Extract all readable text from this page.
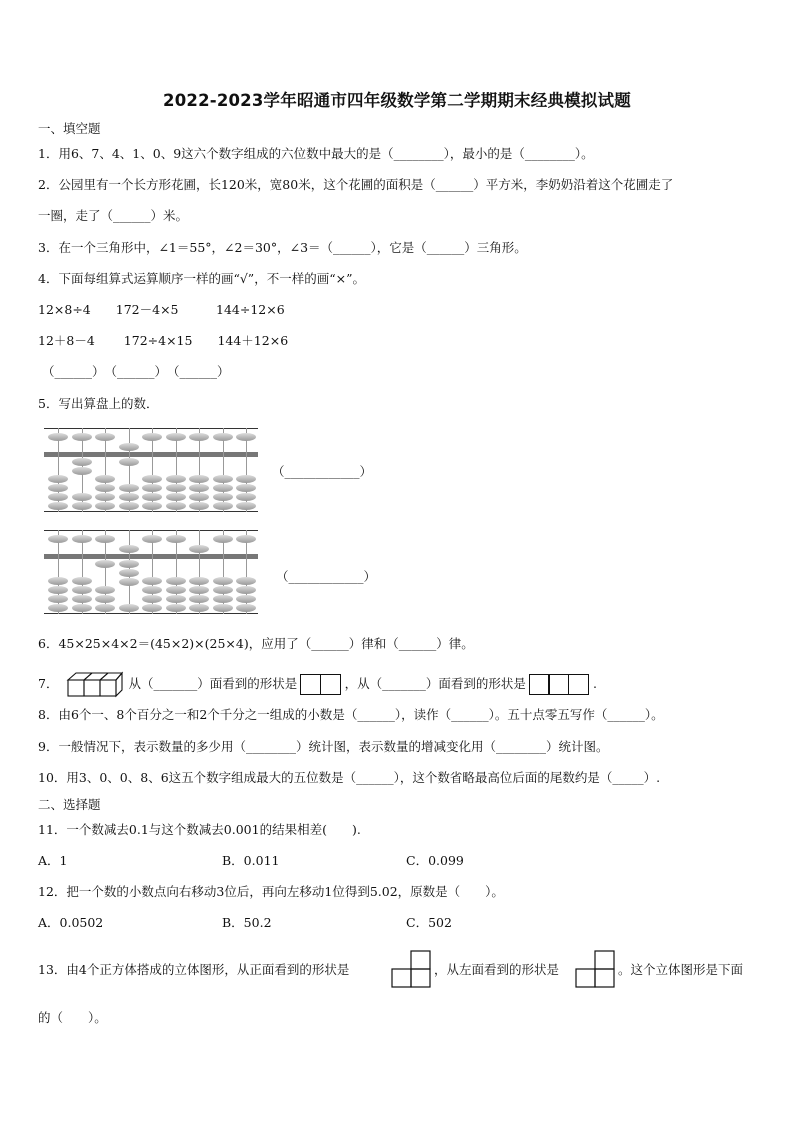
2022-2023学年昭通市四年级数学第二学期期末经典模拟试题
一、填空题
1．用6、7、4、1、0、9这六个数字组成的六位数中最大的是（________），最小的是（________）。
2．公园里有一个长方形花圃，长120米，宽80米，这个花圃的面积是（______）平方米，李奶奶沿着这个花圃走了
一圈，走了（______）米。
3．在一个三角形中，∠1＝55°，∠2＝30°，∠3＝（______），它是（______）三角形。
4．下面每组算式运算顺序一样的画“√”，不一样的画“×”。
12×8÷4　　172－4×5　　　144÷12×6
12＋8－4　　 172÷4×15　　144＋12×6
（______）　（______）　（______）
5．写出算盘上的数．
（____________）
（____________）
6．45×25×4×2＝(45×2)×(25×4)，应用了（______）律和（______）律。
7．	从（_______）面看到的形状是	，从（_______）面看到的形状是	.
8．由6个一、8个百分之一和2个千分之一组成的小数是（______），读作（______）。五十点零五写作（______）。
9．一般情况下，表示数量的多少用（________）统计图，表示数量的增减变化用（________）统计图。
10．用3、0、0、8、6这五个数字组成最大的五位数是（______），这个数省略最高位后面的尾数约是（_____）.
二、选择题
11．一个数减去0.1与这个数减去0.001的结果相差(　　).
A．1	B．0.011	C．0.099
12．把一个数的小数点向右移动3位后，再向左移动1位得到5.02，原数是（　　）。
A．0.0502	B．50.2	C．502
13．由4个正方体搭成的立体图形，从正面看到的形状是	，从左面看到的形状是	。这个立体图形是下面
的（　　）。
